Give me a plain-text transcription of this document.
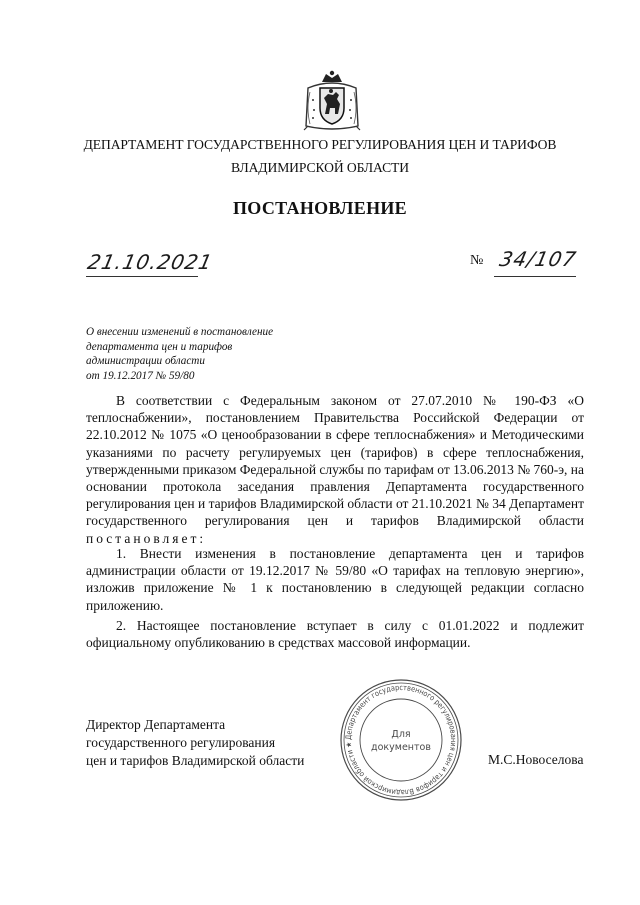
ДЕПАРТАМЕНТ ГОСУДАРСТВЕННОГО РЕГУЛИРОВАНИЯ ЦЕН И ТАРИФОВ
ВЛАДИМИРСКОЙ ОБЛАСТИ
ПОСТАНОВЛЕНИЕ
21.10.2021	№ 34/107
О внесении изменений в постановление
департамента цен и тарифов
администрации области
от 19.12.2017 № 59/80
В соответствии с Федеральным законом от 27.07.2010 № 190-ФЗ «О теплоснабжении», постановлением Правительства Российской Федерации от 22.10.2012 № 1075 «О ценообразовании в сфере теплоснабжения» и Методическими указаниями по расчету регулируемых цен (тарифов) в сфере теплоснабжения, утвержденными приказом Федеральной службы по тарифам от 13.06.2013 № 760-э, на основании протокола заседания правления Департамента государственного регулирования цен и тарифов Владимирской области от 21.10.2021 № 34 Департамент государственного регулирования цен и тарифов Владимирской области постановляет:
1. Внести изменения в постановление департамента цен и тарифов администрации области от 19.12.2017 № 59/80 «О тарифах на тепловую энергию», изложив приложение № 1 к постановлению в следующей редакции согласно приложению.
2. Настоящее постановление вступает в силу с 01.01.2022 и подлежит официальному опубликованию в средствах массовой информации.
Директор Департамента
государственного регулирования
цен и тарифов Владимирской области
Департамент государственного регулирования цен и тарифов Владимирской области ★
Для
документов
М.С.Новоселова
